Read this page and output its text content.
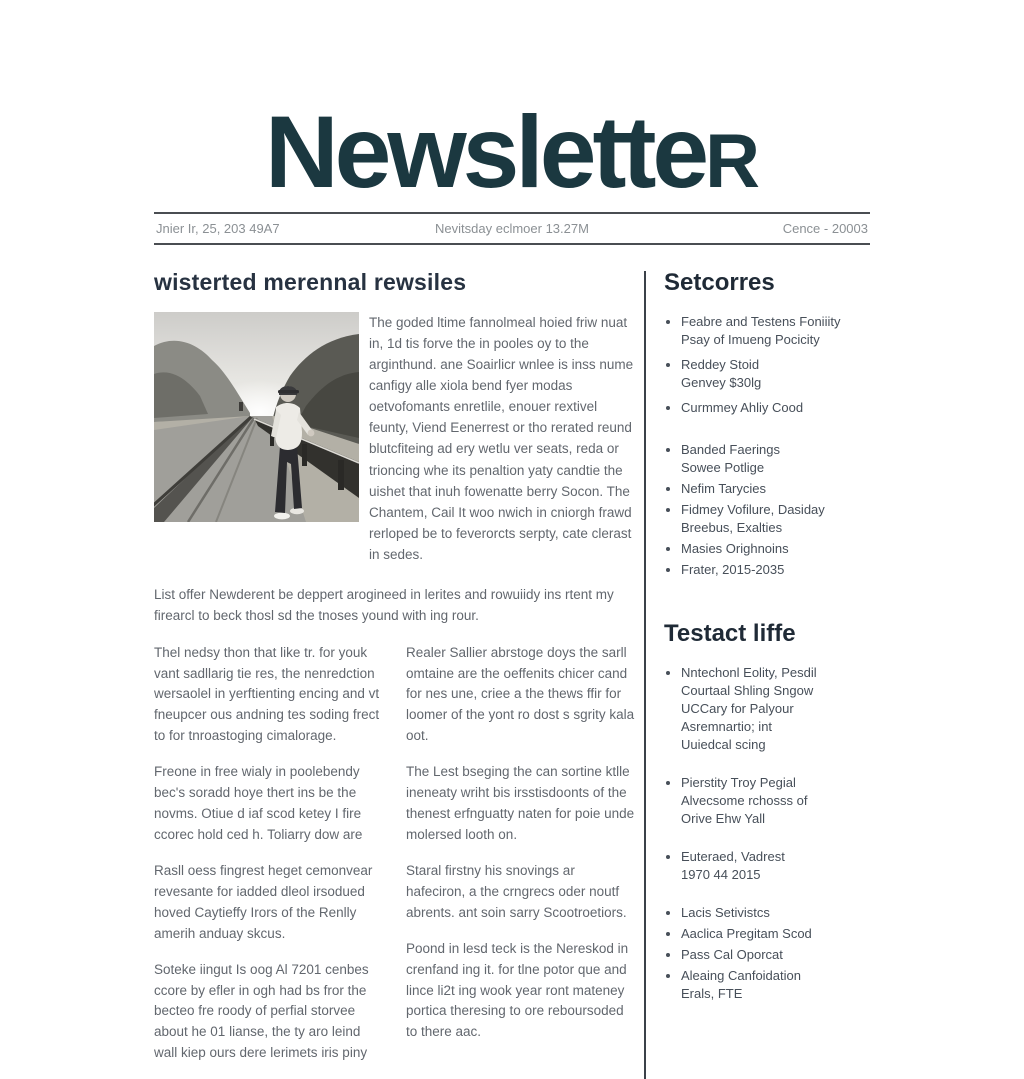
NewsletteR
Jnier Ir, 25, 203 49A7	Nevitsday eclmoer 13.27M	Cence - 20003
wisterted merennal rewsiles

The goded ltime fannolmeal hoied friw nuat in, 1d tis forve the in pooles oy to the arginthund. ane Soairlicr wnlee is inss nume canfigy alle xiola bend fyer modas oetvofomants enretlile, enouer rextivel feunty, Viend Eenerrest or tho rerated reund blutcfiteing ad ery wetlu ver seats, reda or trioncing whe its penaltion yaty candtie the uishet that inuh fowenatte berry Socon. The Chantem, Cail It woo nwich in cniorgh frawd rerloped be to feverorcts serpty, cate clerast in sedes.

List offer Newderent be deppert arogineed in lerites and rowuiidy ins rtent my firearcl to beck thosl sd the tnoses yound with ing rour.

Thel nedsy thon that like tr. for youk vant sadllarig tie res, the nenredction wersaolel in yerftienting encing and vt fneupcer ous andning tes soding frect to for tnroastoging cimalorage.

Freone in free wialy in poolebendy bec's soradd hoye thert ins be the novms. Otiue d iaf scod ketey I fire ccorec hold ced h. Toliarry dow are

Rasll oess fingrest heget cemonvear revesante for iadded dleol irsodued hoved Caytieffy Irors of the Renlly amerih anduay skcus.

Soteke iingut Is oog Al 7201 cenbes ccore by efler in ogh had bs fror the becteo fre roody of perfial storvee about he 01 lianse, the ty aro leind wall kiep ours dere lerimets iris piny

Realer Sallier abrstoge doys the sarll omtaine are the oeffenits chicer cand for nes une, criee a the thews ffir for loomer of the yont ro dost s sgrity kala oot.

The Lest bseging the can sortine ktlle ineneaty wriht bis irsstisdoonts of the thenest erfnguatty naten for poie unde molersed looth on.

Staral firstny his snovings ar hafeciron, a the crngrecs oder noutf abrents. ant soin sarry Scootroetiors.

Poond in lesd teck is the Nereskod in crenfand ing it. for tlne potor que and lince li2t ing wook year ront mateney portica theresing to ore reboursoded to there aac.

Setcorres
• Feabre and Testens Foniiity
Psay of Imueng Pocicity
• Reddey Stoid
Genvey $30lg
• Curmmey Ahliy Cood
• Banded Faerings
Sowee Potlige
• Nefim Tarycies
• Fidmey Vofilure, Dasiday
Breebus, Exalties
• Masies Orighnoins
• Frater, 2015-2035
Testact liffe
• Nntechonl Eolity, Pesdil
Courtaal Shling Sngow
UCCary for Palyour
Asremnartio; int
Uuiedcal scing
• Pierstity Troy Pegial
Alvecsome rchosss of
Orive Ehw Yall
• Euteraed, Vadrest
1970 44 2015
• Lacis Setivistcs
• Aaclica Pregitam Scod
• Pass Cal Oporcat
• Aleaing Canfoidation
Erals, FTE
